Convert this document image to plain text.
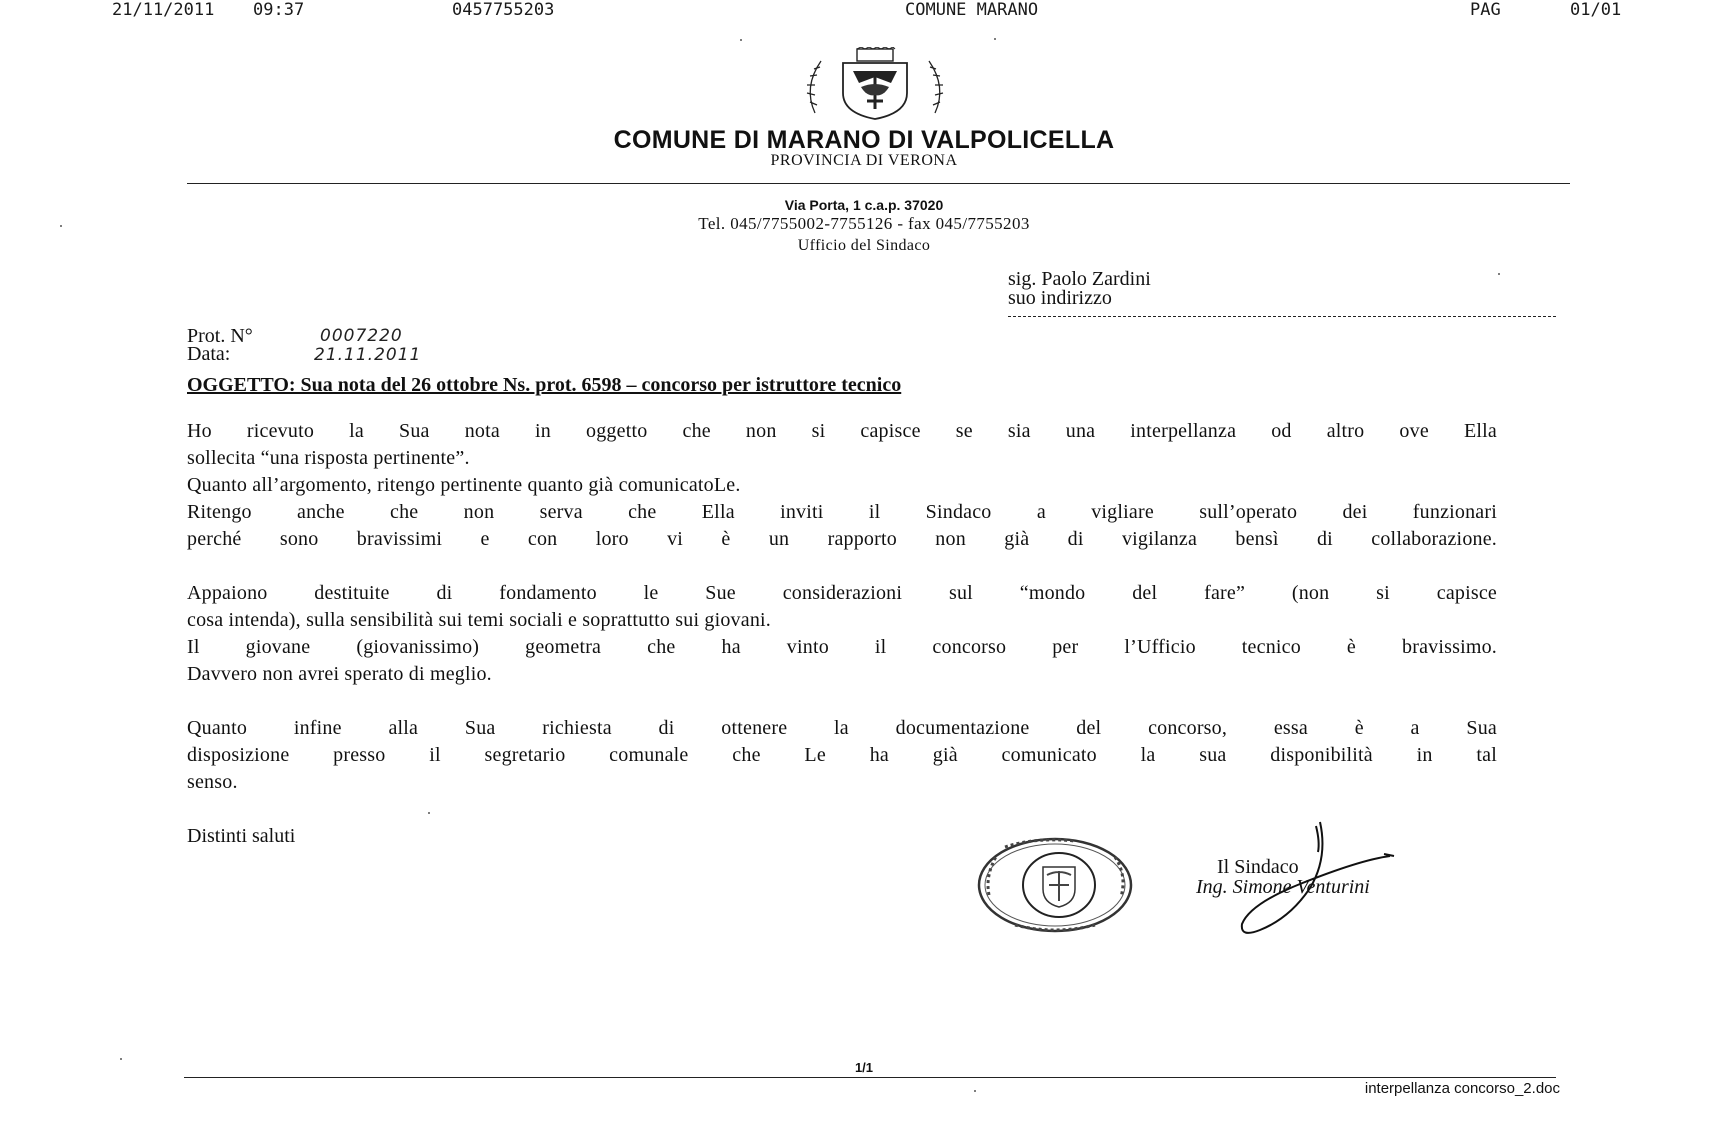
21/11/2011 09:37	0457755203	COMUNE MARANO	PAG	01/01
COMUNE DI MARANO DI VALPOLICELLA
PROVINCIA DI VERONA
Via Porta, 1 c.a.p. 37020
Tel. 045/7755002-7755126 - fax 045/7755203
Ufficio del Sindaco
sig. Paolo Zardini
suo indirizzo
Prot. N°	0007220
Data:	21.11.2011
OGGETTO: Sua nota del 26 ottobre Ns. prot. 6598 – concorso per istruttore tecnico
Ho ricevuto la Sua nota in oggetto che non si capisce se sia una interpellanza od altro ove Ella
sollecita “una risposta pertinente”.
Quanto all’argomento, ritengo pertinente quanto già comunicatoLe.
Ritengo anche che non serva che Ella inviti il Sindaco a vigliare sull’operato dei funzionari
perché sono bravissimi e con loro vi è un rapporto non già di vigilanza bensì di collaborazione.
Appaiono destituite di fondamento le Sue considerazioni sul “mondo del fare” (non si capisce
cosa intenda), sulla sensibilità sui temi sociali e soprattutto sui giovani.
Il giovane (giovanissimo) geometra che ha vinto il concorso per l’Ufficio tecnico è bravissimo.
Davvero non avrei sperato di meglio.
Quanto infine alla Sua richiesta di ottenere la documentazione del concorso, essa è a Sua
disposizione presso il segretario comunale che Le ha già comunicato la sua disponibilità in tal
senso.
Distinti saluti
Il Sindaco
Ing. Simone Venturini
1/1
interpellanza concorso_2.doc
